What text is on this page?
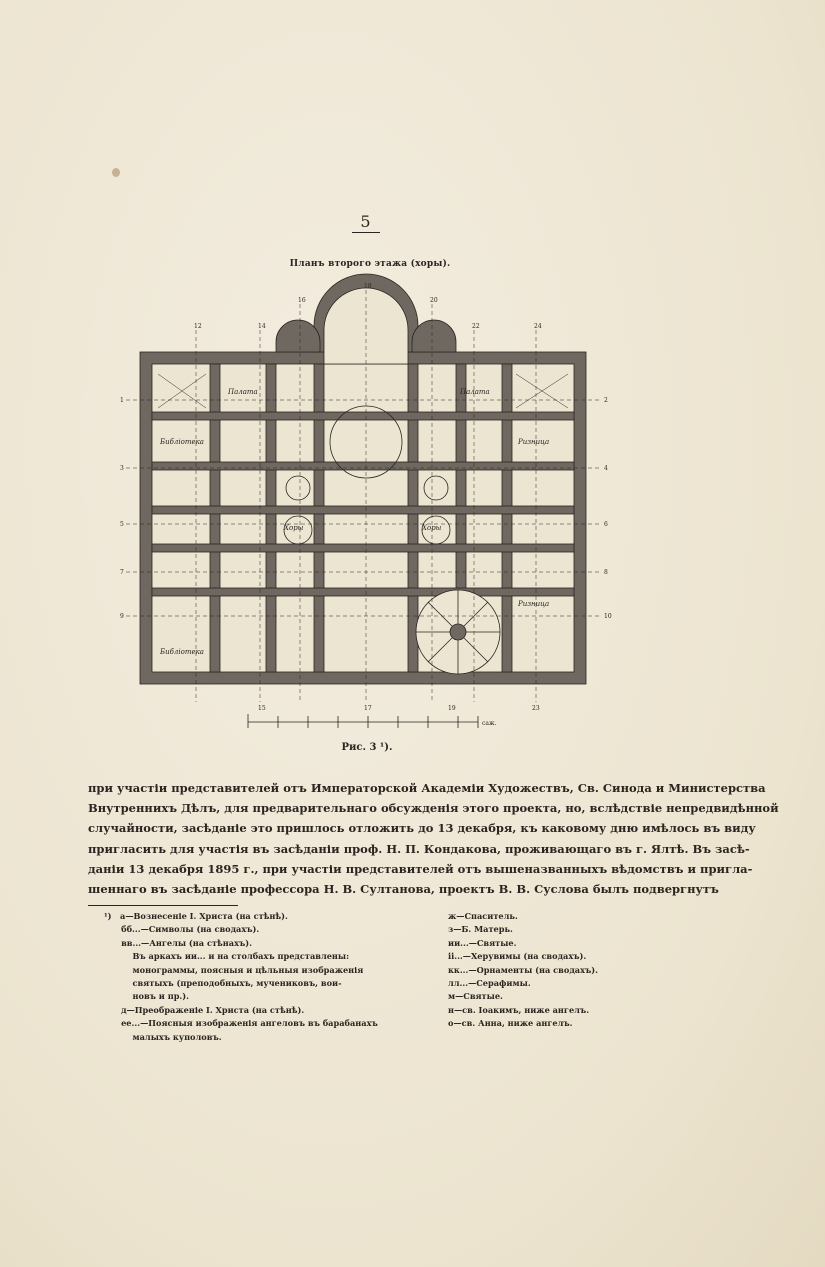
5
Планъ второго этажа (хоры).
18
16	20
12	14	22	24
15	17	19	23
1
3
5
7
9
2
4
6
8
10
саж.
Палата	Палата
Библіотека	Ризница
Хоры	Хоры
Ризница
Библіотека
Рис. 3 ¹).
при участіи представителей отъ Императорской Академіи Художествъ, Св. Синода и Министерства
Внутреннихъ Дѣлъ, для предварительнаго обсужденія этого проекта, но, вслѣдствіе непредвидѣнной
случайности, засѣданіе это пришлось отложить до 13 декабря, къ каковому дню имѣлось въ виду
пригласить для участія въ засѣданіи проф. Н. П. Кондакова, проживающаго въ г. Ялтѣ. Въ засѣ-
даніи 13 декабря 1895 г., при участіи представителей отъ вышеназванныхъ вѣдомствъ и пригла-
шеннаго въ засѣданіе профессора Н. В. Султанова, проектъ В. В. Суслова былъ подвергнутъ
¹)   а—Вознесеніе І. Христа (на стѣнѣ).
бб...—Символы (на сводахъ).
вв...—Ангелы (на стѣнахъ).
Въ аркахъ ии... и на столбахъ представлены:
монограммы, поясныя и цѣльныя изображенія
святыхъ (преподобныхъ, мучениковъ, вои-
новъ и пр.).
д—Преображеніе І. Христа (на стѣнѣ).
ее...—Поясныя изображенія ангеловъ въ барабанахъ
малыхъ куполовъ.
ж—Спаситель.
з—Б. Матерь.
ии...—Святые.
ii...—Херувимы (на сводахъ).
кк...—Орнаменты (на сводахъ).
лл...—Серафимы.
м—Святые.
н—св. Іоакимъ, ниже ангелъ.
о—св. Анна, ниже ангелъ.
